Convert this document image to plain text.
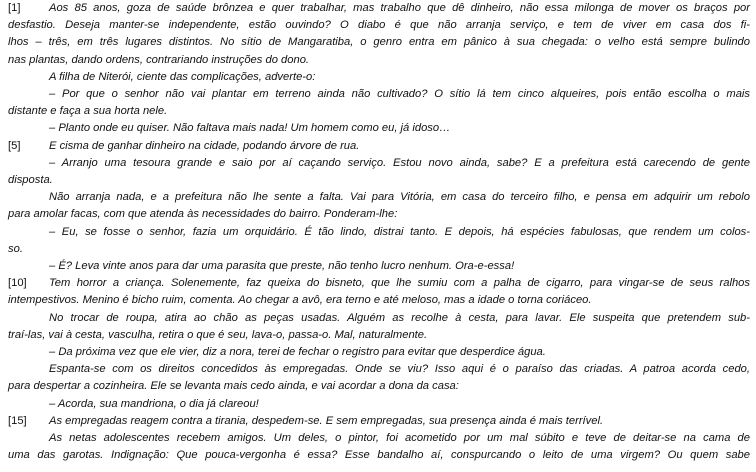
[1]	Aos 85 anos, goza de saúde brônzea e quer trabalhar, mas trabalho que dê dinheiro, não essa milonga de mover os braços por
desfastio. Deseja manter-se independente, estão ouvindo? O diabo é que não arranja serviço, e tem de viver em casa dos fi-
lhos – três, em três lugares distintos. No sítio de Mangaratiba, o genro entra em pânico à sua chegada: o velho está sempre bulindo
nas plantas, dando ordens, contrariando instruções do dono.
A filha de Niterói, ciente das complicações, adverte-o:
– Por que o senhor não vai plantar em terreno ainda não cultivado? O sítio lá tem cinco alqueires, pois então escolha o mais
distante e faça a sua horta nele.
– Planto onde eu quiser. Não faltava mais nada! Um homem como eu, já idoso…
[5]	E cisma de ganhar dinheiro na cidade, podando árvore de rua.
– Arranjo uma tesoura grande e saio por aí caçando serviço. Estou novo ainda, sabe? E a prefeitura está carecendo de gente
disposta.
Não arranja nada, e a prefeitura não lhe sente a falta. Vai para Vitória, em casa do terceiro filho, e pensa em adquirir um rebolo
para amolar facas, com que atenda às necessidades do bairro. Ponderam-lhe:
– Eu, se fosse o senhor, fazia um orquidário. É tão lindo, distrai tanto. E depois, há espécies fabulosas, que rendem um colos-
so.
– É? Leva vinte anos para dar uma parasita que preste, não tenho lucro nenhum. Ora-e-essa!
[10] Tem horror a criança. Solenemente, faz queixa do bisneto, que lhe sumiu com a palha de cigarro, para vingar-se de seus ralhos
intempestivos. Menino é bicho ruim, comenta. Ao chegar a avô, era terno e até meloso, mas a idade o torna coriáceo.
No trocar de roupa, atira ao chão as peças usadas. Alguém as recolhe à cesta, para lavar. Ele suspeita que pretendem sub-
traí-las, vai à cesta, vasculha, retira o que é seu, lava-o, passa-o. Mal, naturalmente.
– Da próxima vez que ele vier, diz a nora, terei de fechar o registro para evitar que desperdice água.
Espanta-se com os direitos concedidos às empregadas. Onde se viu? Isso aqui é o paraíso das criadas. A patroa acorda cedo,
para despertar a cozinheira. Ele se levanta mais cedo ainda, e vai acordar a dona da casa:
– Acorda, sua mandriona, o dia já clareou!
[15] As empregadas reagem contra a tirania, despedem-se. E sem empregadas, sua presença ainda é mais terrível.
As netas adolescentes recebem amigos. Um deles, o pintor, foi acometido por um mal súbito e teve de deitar-se na cama de
uma das garotas. Indignação: Que pouca-vergonha é essa? Esse bandalho aí, conspurcando o leito de uma virgem? Ou quem sabe
